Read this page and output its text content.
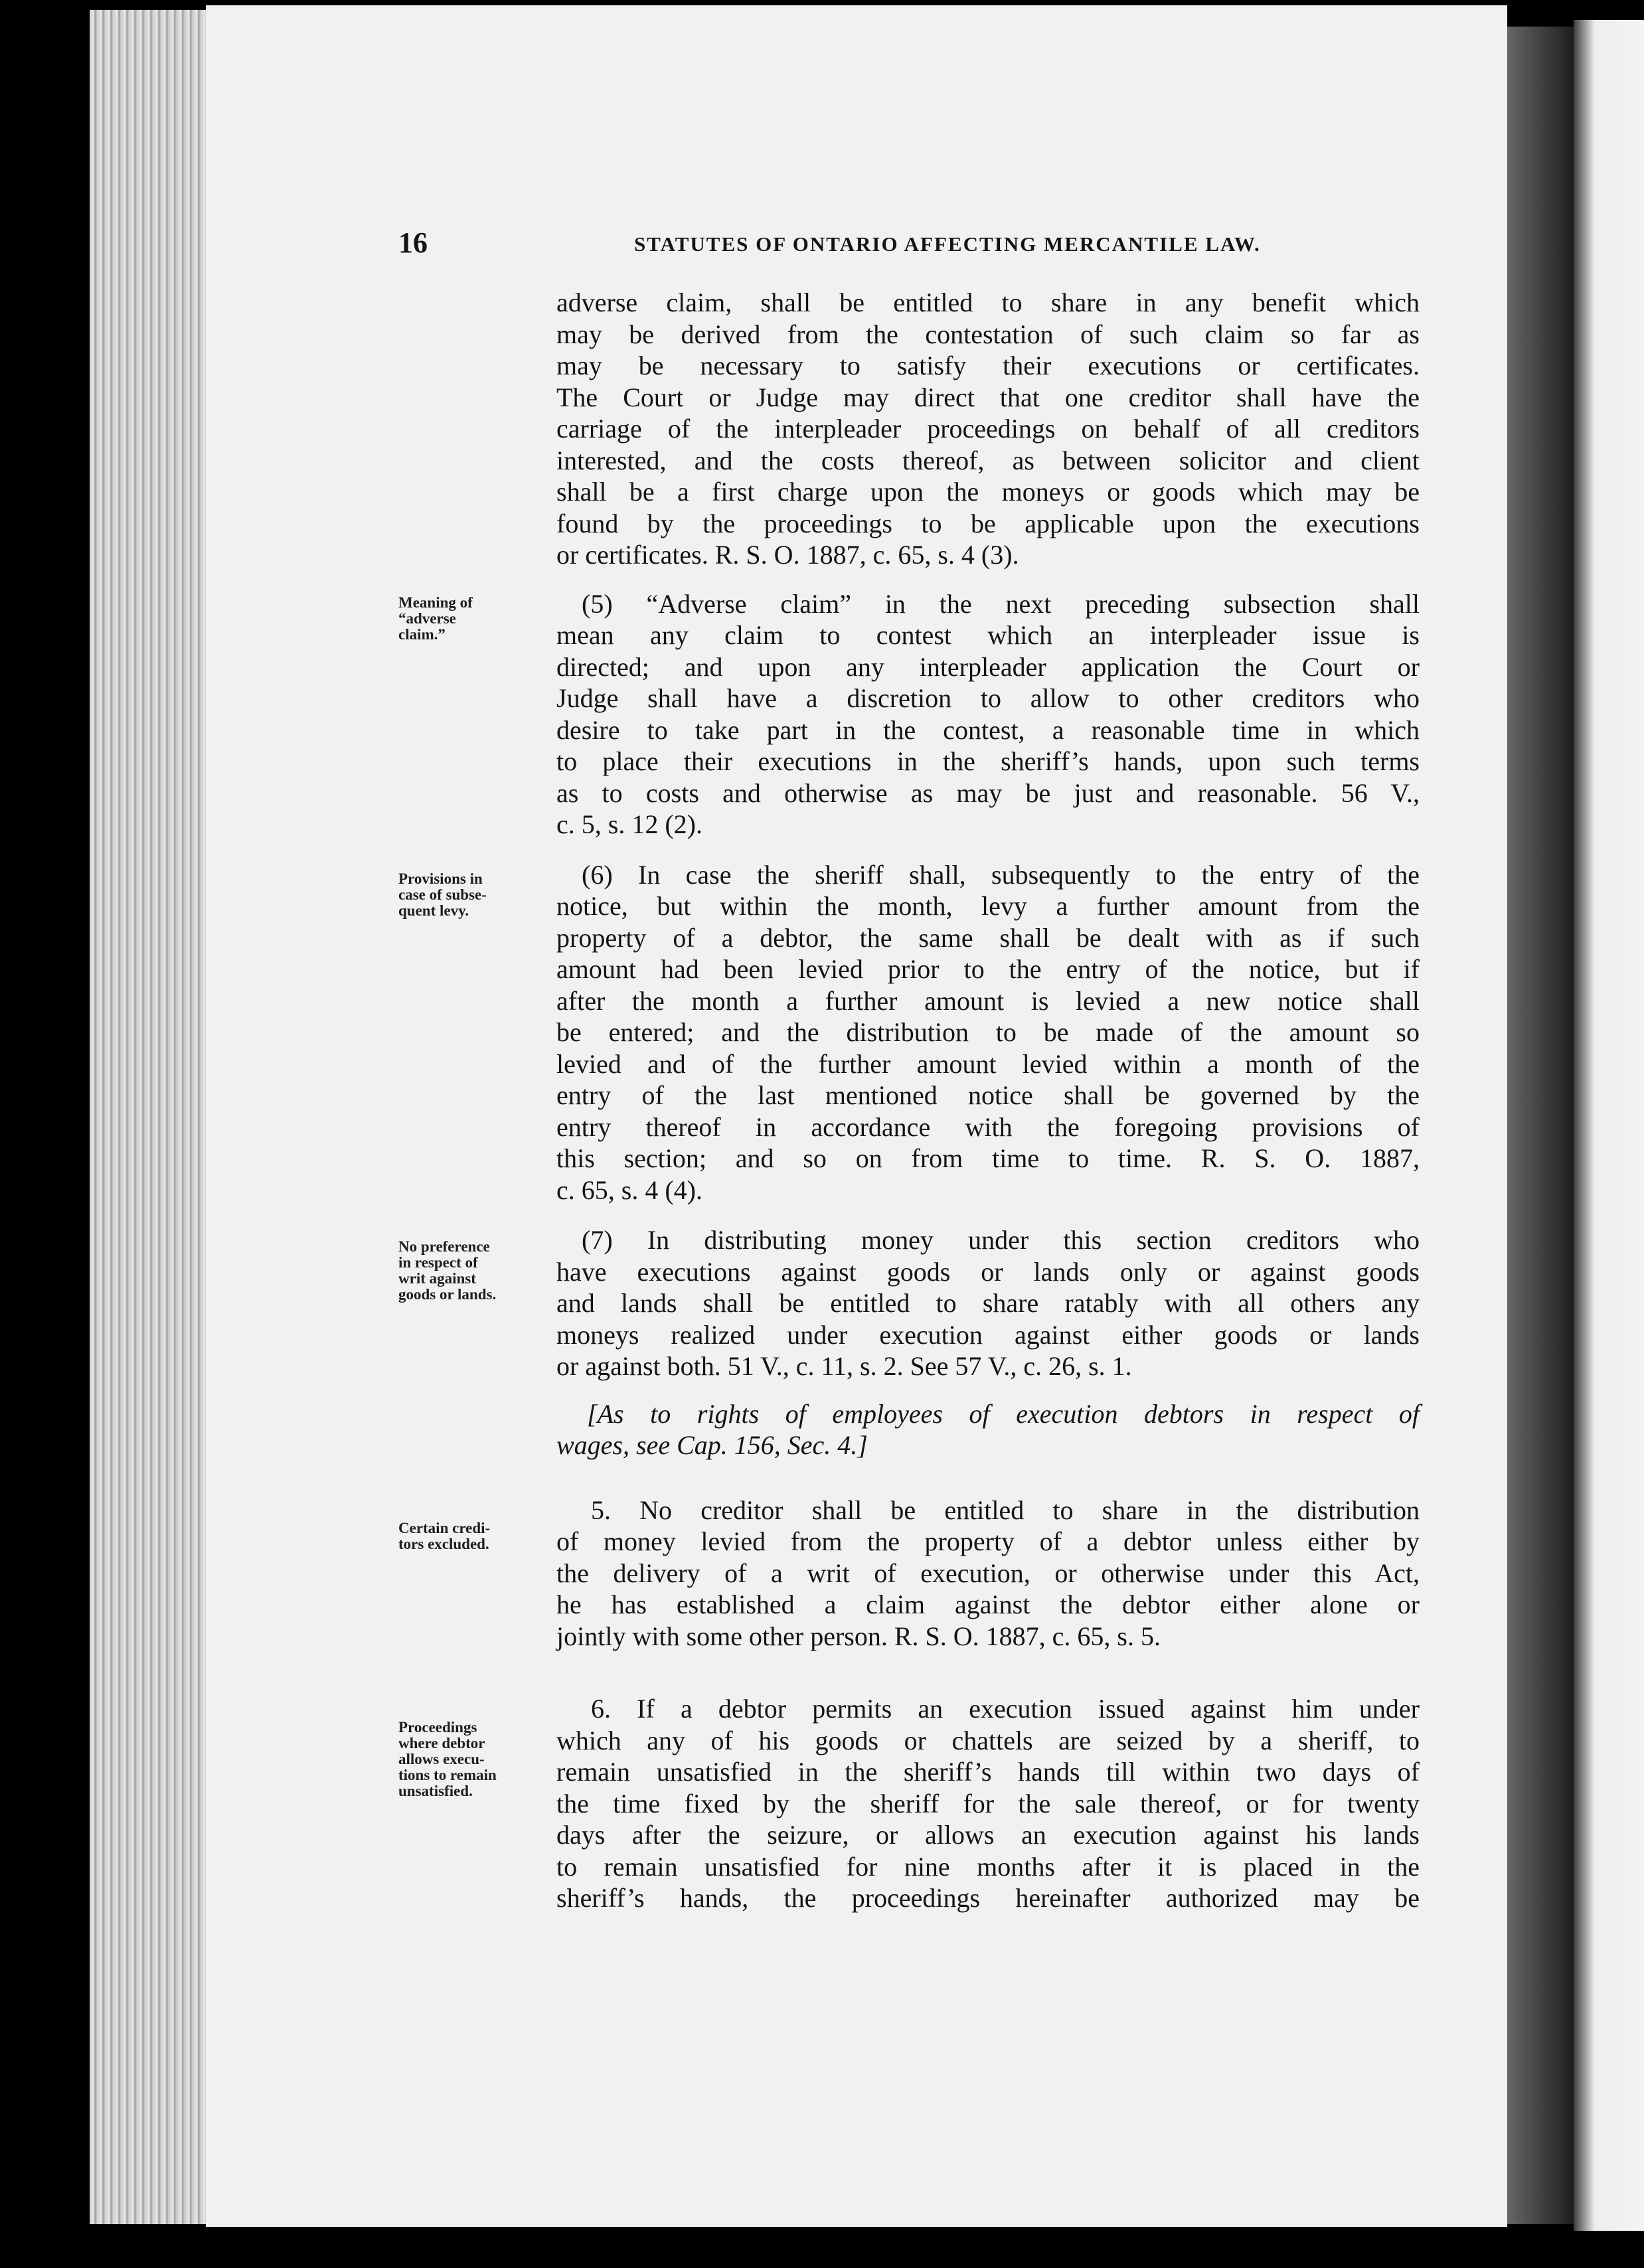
16	STATUTES OF ONTARIO AFFECTING MERCANTILE LAW.
Meaning of
“adverse
claim.”
Provisions in
case of subse-
quent levy.
No preference
in respect of
writ against
goods or lands.
Certain credi-
tors excluded.
Proceedings
where debtor
allows execu-
tions to remain
unsatisfied.

adverse claim, shall be entitled to share in any benefit which
may be derived from the contestation of such claim so far as
may be necessary to satisfy their executions or certificates.
The Court or Judge may direct that one creditor shall have the
carriage of the interpleader proceedings on behalf of all creditors
interested, and the costs thereof, as between solicitor and client
shall be a first charge upon the moneys or goods which may be
found by the proceedings to be applicable upon the executions
or certificates. R. S. O. 1887, c. 65, s. 4 (3).

(5) “Adverse claim” in the next preceding subsection shall
mean any claim to contest which an interpleader issue is
directed; and upon any interpleader application the Court or
Judge shall have a discretion to allow to other creditors who
desire to take part in the contest, a reasonable time in which
to place their executions in the sheriff’s hands, upon such terms
as to costs and otherwise as may be just and reasonable. 56 V.,
c. 5, s. 12 (2).

(6) In case the sheriff shall, subsequently to the entry of the
notice, but within the month, levy a further amount from the
property of a debtor, the same shall be dealt with as if such
amount had been levied prior to the entry of the notice, but if
after the month a further amount is levied a new notice shall
be entered; and the distribution to be made of the amount so
levied and of the further amount levied within a month of the
entry of the last mentioned notice shall be governed by the
entry thereof in accordance with the foregoing provisions of
this section; and so on from time to time. R. S. O. 1887,
c. 65, s. 4 (4).

(7) In distributing money under this section creditors who
have executions against goods or lands only or against goods
and lands shall be entitled to share ratably with all others any
moneys realized under execution against either goods or lands
or against both. 51 V., c. 11, s. 2. See 57 V., c. 26, s. 1.

[As to rights of employees of execution debtors in respect of
wages, see Cap. 156, Sec. 4.]

5. No creditor shall be entitled to share in the distribution
of money levied from the property of a debtor unless either by
the delivery of a writ of execution, or otherwise under this Act,
he has established a claim against the debtor either alone or
jointly with some other person. R. S. O. 1887, c. 65, s. 5.

6. If a debtor permits an execution issued against him under
which any of his goods or chattels are seized by a sheriff, to
remain unsatisfied in the sheriff’s hands till within two days of
the time fixed by the sheriff for the sale thereof, or for twenty
days after the seizure, or allows an execution against his lands
to remain unsatisfied for nine months after it is placed in the
sheriff’s hands, the proceedings hereinafter authorized may be
